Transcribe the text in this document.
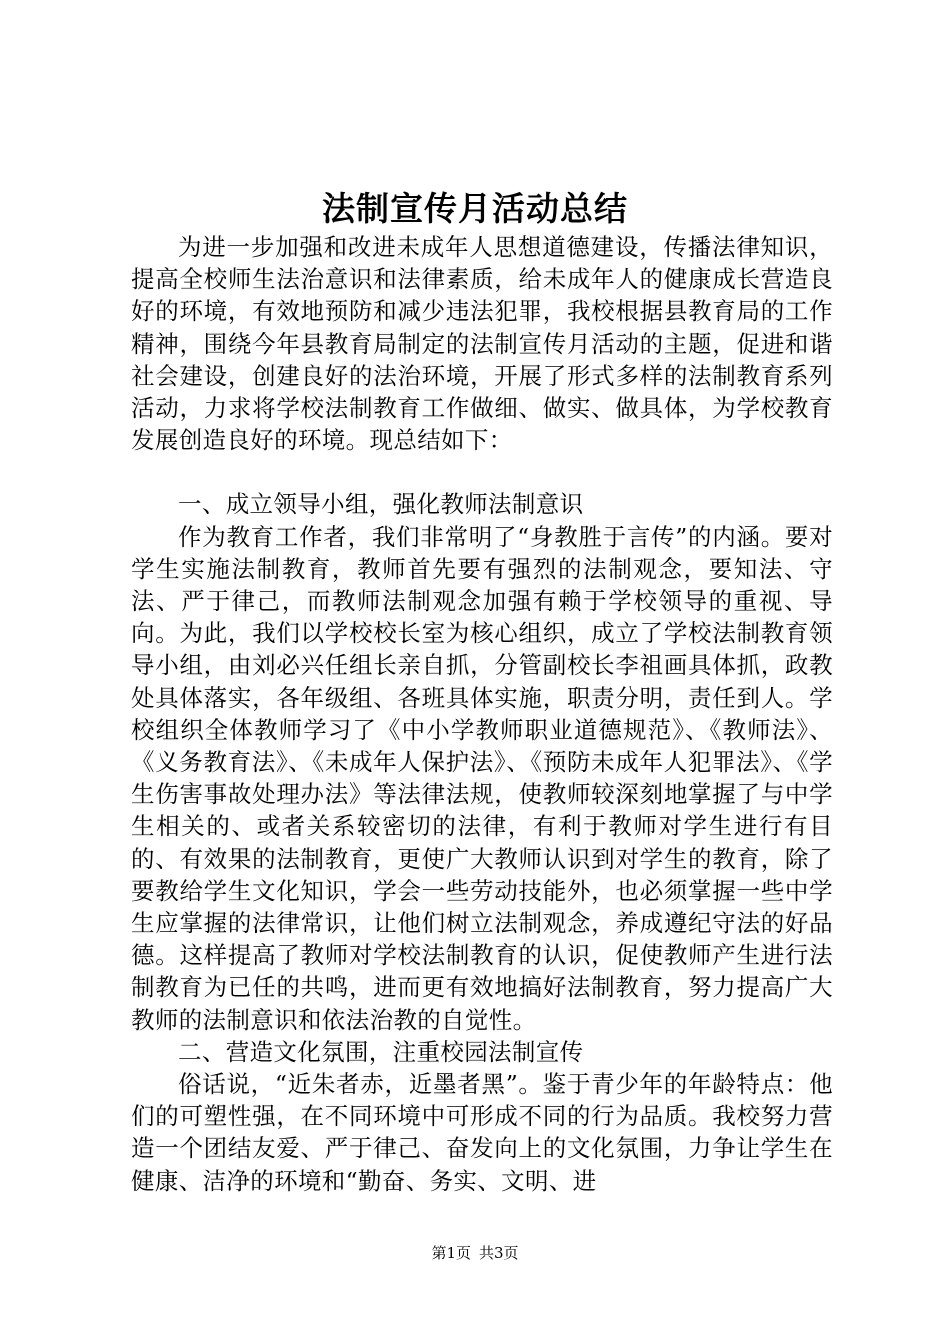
法制宣传月活动总结

为进一步加强和改进未成年人思想道德建设，传播法律知识，提高全校师生法治意识和法律素质，给未成年人的健康成长营造良好的环境，有效地预防和减少违法犯罪，我校根据县教育局的工作精神，围绕今年县教育局制定的法制宣传月活动的主题，促进和谐社会建设，创建良好的法治环境，开展了形式多样的法制教育系列活动，力求将学校法制教育工作做细、做实、做具体，为学校教育发展创造良好的环境。现总结如下：

一、成立领导小组，强化教师法制意识

作为教育工作者，我们非常明了“身教胜于言传”的内涵。要对学生实施法制教育，教师首先要有强烈的法制观念，要知法、守法、严于律己，而教师法制观念加强有赖于学校领导的重视、导向。为此，我们以学校校长室为核心组织，成立了学校法制教育领导小组，由刘必兴任组长亲自抓，分管副校长李祖画具体抓，政教处具体落实，各年级组、各班具体实施，职责分明，责任到人。学校组织全体教师学习了《中小学教师职业道德规范》、《教师法》、《义务教育法》、《未成年人保护法》、《预防未成年人犯罪法》、《学生伤害事故处理办法》等法律法规，使教师较深刻地掌握了与中学生相关的、或者关系较密切的法律，有利于教师对学生进行有目的、有效果的法制教育，更使广大教师认识到对学生的教育，除了要教给学生文化知识，学会一些劳动技能外，也必须掌握一些中学生应掌握的法律常识，让他们树立法制观念，养成遵纪守法的好品德。这样提高了教师对学校法制教育的认识，促使教师产生进行法制教育为已任的共鸣，进而更有效地搞好法制教育，努力提高广大教师的法制意识和依法治教的自觉性。

二、营造文化氛围，注重校园法制宣传

俗话说，“近朱者赤，近墨者黑”。鉴于青少年的年龄特点：他们的可塑性强，在不同环境中可形成不同的行为品质。我校努力营造一个团结友爱、严于律己、奋发向上的文化氛围，力争让学生在健康、洁净的环境和“勤奋、务实、文明、进

第1页 共3页
